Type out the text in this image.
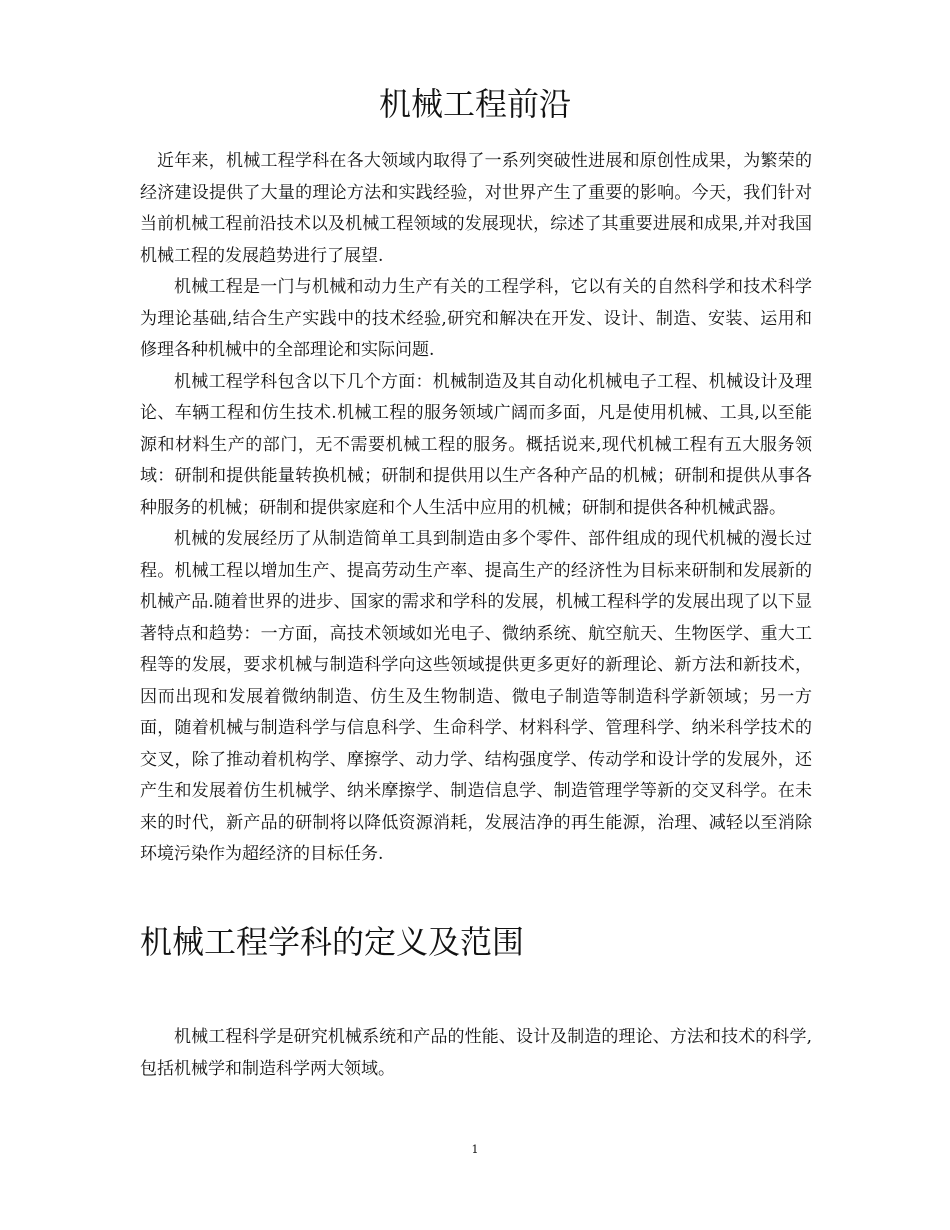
机械工程前沿

近年来，机械工程学科在各大领域内取得了一系列突破性进展和原创性成果，为繁荣的经济建设提供了大量的理论方法和实践经验，对世界产生了重要的影响。今天，我们针对当前机械工程前沿技术以及机械工程领域的发展现状，综述了其重要进展和成果,并对我国机械工程的发展趋势进行了展望.

机械工程是一门与机械和动力生产有关的工程学科，它以有关的自然科学和技术科学为理论基础,结合生产实践中的技术经验,研究和解决在开发、设计、制造、安装、运用和修理各种机械中的全部理论和实际问题.

机械工程学科包含以下几个方面：机械制造及其自动化机械电子工程、机械设计及理论、车辆工程和仿生技术.机械工程的服务领域广阔而多面，凡是使用机械、工具,以至能源和材料生产的部门，无不需要机械工程的服务。概括说来,现代机械工程有五大服务领域：研制和提供能量转换机械；研制和提供用以生产各种产品的机械；研制和提供从事各种服务的机械；研制和提供家庭和个人生活中应用的机械；研制和提供各种机械武器。

机械的发展经历了从制造简单工具到制造由多个零件、部件组成的现代机械的漫长过程。机械工程以增加生产、提高劳动生产率、提高生产的经济性为目标来研制和发展新的机械产品.随着世界的进步、国家的需求和学科的发展，机械工程科学的发展出现了以下显著特点和趋势：一方面，高技术领域如光电子、微纳系统、航空航天、生物医学、重大工程等的发展，要求机械与制造科学向这些领域提供更多更好的新理论、新方法和新技术，因而出现和发展着微纳制造、仿生及生物制造、微电子制造等制造科学新领域；另一方面，随着机械与制造科学与信息科学、生命科学、材料科学、管理科学、纳米科学技术的交叉，除了推动着机构学、摩擦学、动力学、结构强度学、传动学和设计学的发展外，还产生和发展着仿生机械学、纳米摩擦学、制造信息学、制造管理学等新的交叉科学。在未来的时代，新产品的研制将以降低资源消耗，发展洁净的再生能源，治理、减轻以至消除环境污染作为超经济的目标任务.

机械工程学科的定义及范围

机械工程科学是研究机械系统和产品的性能、设计及制造的理论、方法和技术的科学,包括机械学和制造科学两大领域。

1
